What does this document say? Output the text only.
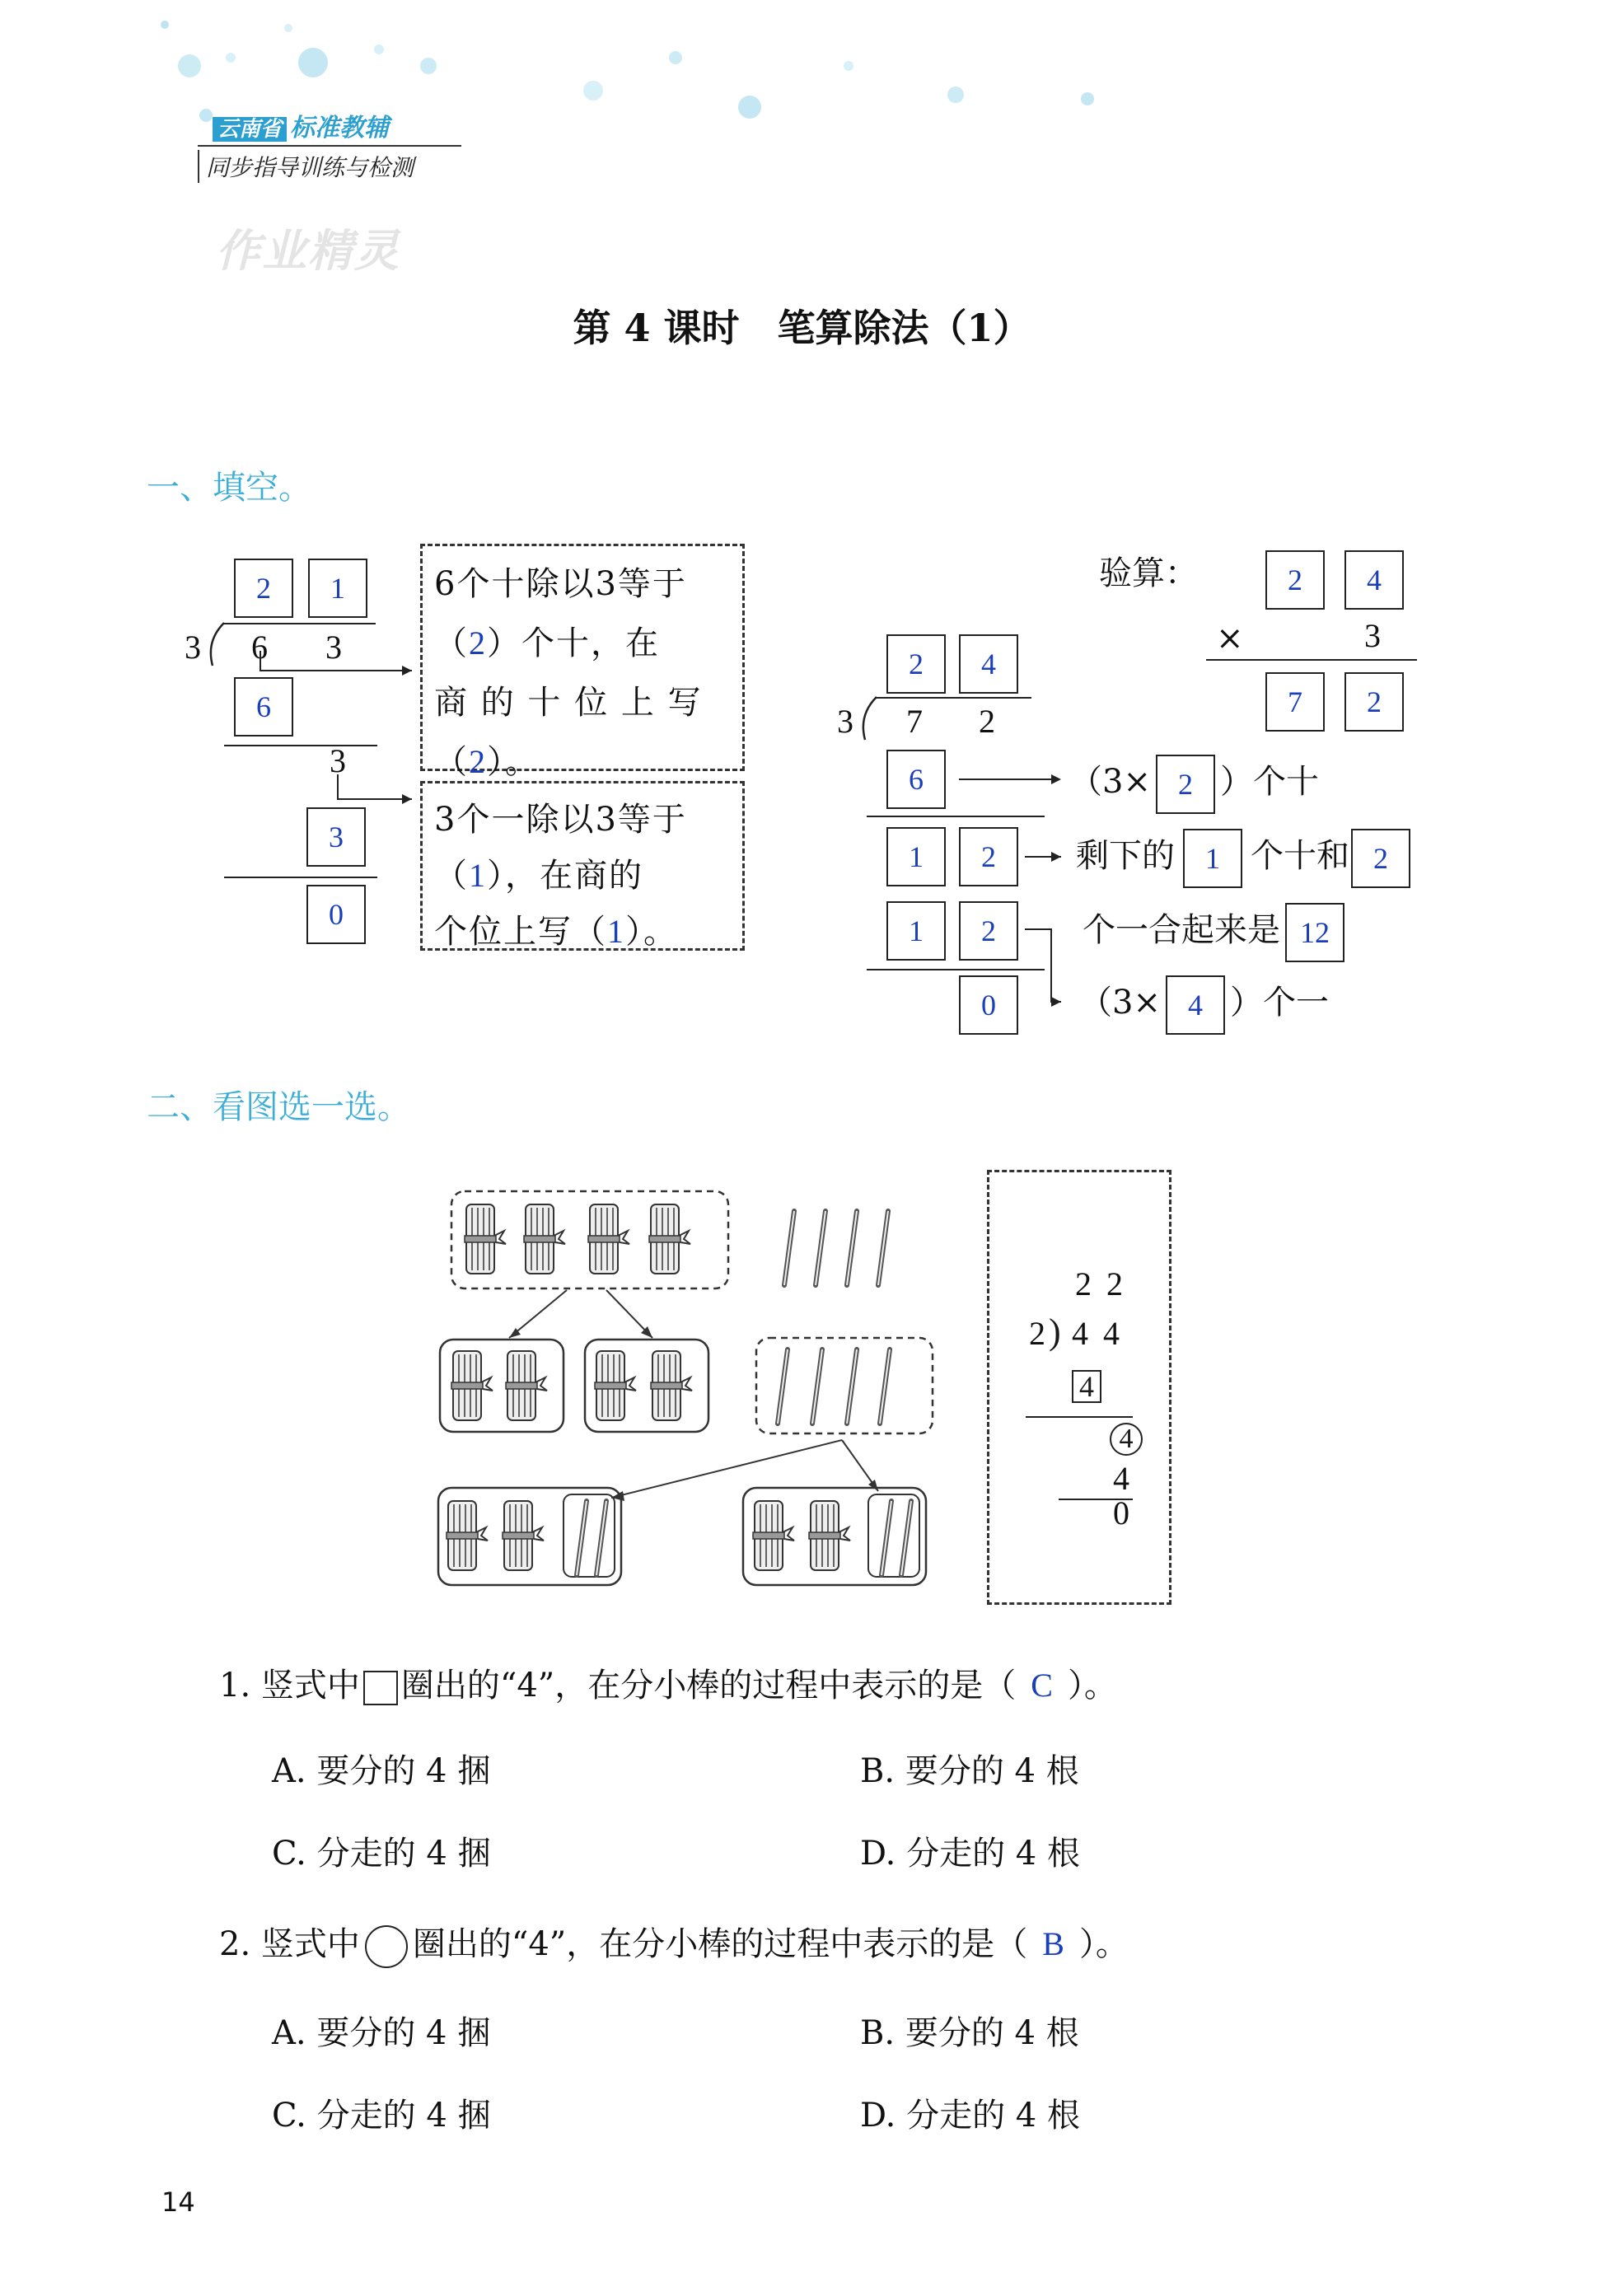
云南省 标准教辅
同步指导训练与检测
作业精灵
第 4 课时　笔算除法（1）
一、填空。
2	1
3 6 3
6
3
3
0
6个十除以3等于
（2）个十，在
商 的 十 位 上 写
（2）。
3个一除以3等于
（1），在商的
个位上写（1）。
验算：	2	4
×	3
7	2
2	4
3 7 2
6
1	2
1	2
0
（3× 2 ）个十
剩下的 1 个十和 2
个一合起来是 12
（3× 4 ）个一
二、看图选一选。
2 2
2 ) 4 4
4
4
4
0
1. 竖式中 圈出的“4”，在分小棒的过程中表示的是（ C ）。
A. 要分的 4 捆	B. 要分的 4 根
C. 分走的 4 捆	D. 分走的 4 根
2. 竖式中 圈出的“4”，在分小棒的过程中表示的是（ B ）。
A. 要分的 4 捆	B. 要分的 4 根
C. 分走的 4 捆	D. 分走的 4 根
14
